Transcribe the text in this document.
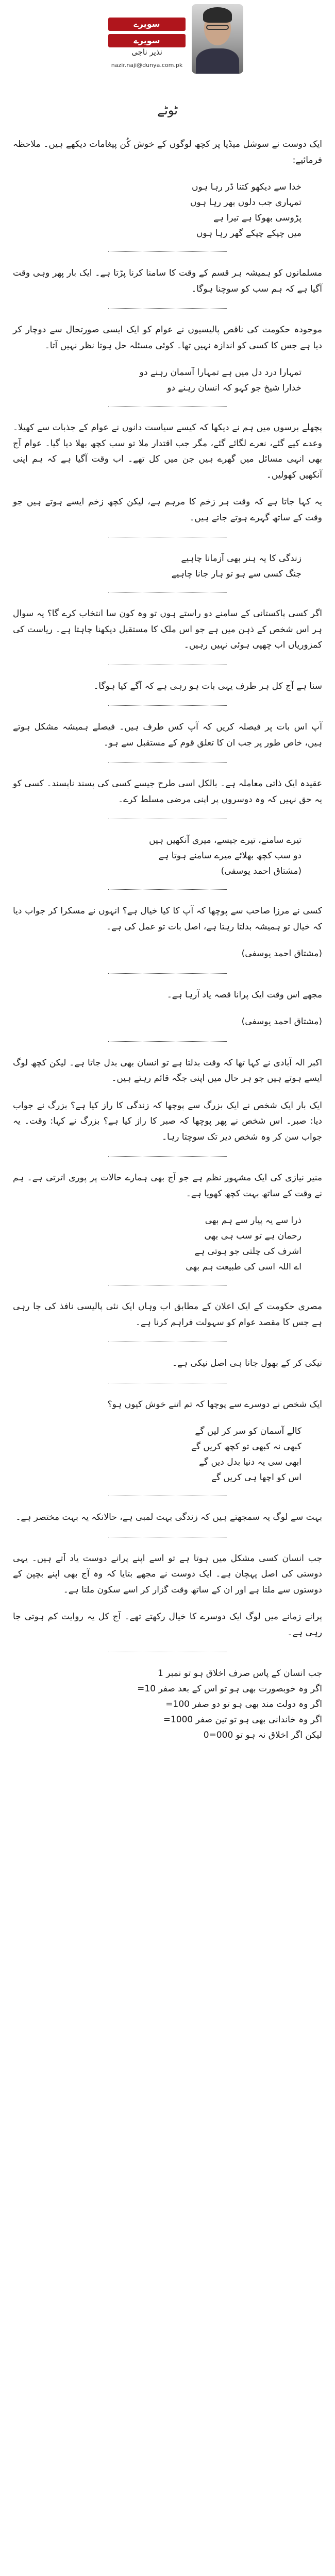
سویرے
سویرے
نذیر ناجی
nazir.naji@dunya.com.pk
ٹوٹے

ایک دوست نے سوشل میڈیا پر کچھ لوگوں کے خوش کُن پیغامات دیکھے ہیں۔ ملاحظہ فرمائیے:

خدا سے دیکھو کتنا ڈر رہا ہوں
تمہاری جب دلوں بھر رہا ہوں
پڑوسی بھوکا ہے تیرا ہے
میں چپکے چپکے گھر رہا ہوں

مسلمانوں کو ہمیشہ ہر قسم کے وقت کا سامنا کرنا پڑتا ہے۔ ایک بار پھر وہی وقت آگیا ہے کہ ہم سب کو سوچنا ہوگا۔

موجودہ حکومت کی ناقص پالیسیوں نے عوام کو ایک ایسی صورتحال سے دوچار کر دیا ہے جس کا کسی کو اندازہ نہیں تھا۔ کوئی مسئلہ حل ہوتا نظر نہیں آتا۔

تمہارا درد دل میں ہے تمہارا آسمان رہنے دو
خدارا شیخ جو کہو کہ انسان رہنے دو

پچھلے برسوں میں ہم نے دیکھا کہ کیسے سیاست دانوں نے عوام کے جذبات سے کھیلا۔ وعدے کیے گئے، نعرے لگائے گئے، مگر جب اقتدار ملا تو سب کچھ بھلا دیا گیا۔ عوام آج بھی انہی مسائل میں گھرے ہیں جن میں کل تھے۔ اب وقت آگیا ہے کہ ہم اپنی آنکھیں کھولیں۔

یہ کہا جاتا ہے کہ وقت ہر زخم کا مرہم ہے، لیکن کچھ زخم ایسے ہوتے ہیں جو وقت کے ساتھ گہرے ہوتے جاتے ہیں۔

زندگی کا یہ ہنر بھی آزمانا چاہیے
جنگ کسی سے ہو تو ہار جانا چاہیے

اگر کسی پاکستانی کے سامنے دو راستے ہوں تو وہ کون سا انتخاب کرے گا؟ یہ سوال ہر اس شخص کے ذہن میں ہے جو اس ملک کا مستقبل دیکھنا چاہتا ہے۔ ریاست کی کمزوریاں اب چھپی ہوئی نہیں رہیں۔

سنا ہے آج کل ہر طرف یہی بات ہو رہی ہے کہ آگے کیا ہوگا۔

آپ اس بات پر فیصلہ کریں کہ آپ کس طرف ہیں۔ فیصلے ہمیشہ مشکل ہوتے ہیں، خاص طور پر جب ان کا تعلق قوم کے مستقبل سے ہو۔

عقیدہ ایک ذاتی معاملہ ہے۔ بالکل اسی طرح جیسے کسی کی پسند ناپسند۔ کسی کو یہ حق نہیں کہ وہ دوسروں پر اپنی مرضی مسلط کرے۔

تیرے سامنے، تیرے جیسے، میری آنکھیں ہیں
دو سب کچھ بھلائے میرے سامنے ہوتا ہے
(مشتاق احمد یوسفی)

کسی نے مرزا صاحب سے پوچھا کہ آپ کا کیا خیال ہے؟ انہوں نے مسکرا کر جواب دیا کہ خیال تو ہمیشہ بدلتا رہتا ہے، اصل بات تو عمل کی ہے۔

(مشتاق احمد یوسفی)

مجھے اس وقت ایک پرانا قصہ یاد آرہا ہے۔

(مشتاق احمد یوسفی)

اکبر الہ آبادی نے کہا تھا کہ وقت بدلتا ہے تو انسان بھی بدل جاتا ہے۔ لیکن کچھ لوگ ایسے ہوتے ہیں جو ہر حال میں اپنی جگہ قائم رہتے ہیں۔

ایک بار ایک شخص نے ایک بزرگ سے پوچھا کہ زندگی کا راز کیا ہے؟ بزرگ نے جواب دیا: صبر۔ اس شخص نے پھر پوچھا کہ صبر کا راز کیا ہے؟ بزرگ نے کہا: وقت۔ یہ جواب سن کر وہ شخص دیر تک سوچتا رہا۔

منیر نیازی کی ایک مشہور نظم ہے جو آج بھی ہمارے حالات پر پوری اترتی ہے۔ ہم نے وقت کے ساتھ بہت کچھ کھویا ہے۔

ذرا سے یہ پیار سے ہم بھی
رحمان ہے تو سب ہی بھی
اشرف کی چلتی جو ہوتی ہے
اے اللہ اسی کی طبیعت ہم بھی

مصری حکومت کے ایک اعلان کے مطابق اب وہاں ایک نئی پالیسی نافذ کی جا رہی ہے جس کا مقصد عوام کو سہولت فراہم کرنا ہے۔

نیکی کر کے بھول جانا ہی اصل نیکی ہے۔

ایک شخص نے دوسرے سے پوچھا کہ تم اتنے خوش کیوں ہو؟

کالے آسمان کو سر کر لیں گے
کبھی نہ کبھی تو کچھ کریں گے
ابھی سی یہ دنیا بدل دیں گے
اس کو اچھا ہی کریں گے

بہت سے لوگ یہ سمجھتے ہیں کہ زندگی بہت لمبی ہے، حالانکہ یہ بہت مختصر ہے۔

جب انسان کسی مشکل میں ہوتا ہے تو اسے اپنے پرانے دوست یاد آتے ہیں۔ یہی دوستی کی اصل پہچان ہے۔ ایک دوست نے مجھے بتایا کہ وہ آج بھی اپنے بچپن کے دوستوں سے ملتا ہے اور ان کے ساتھ وقت گزار کر اسے سکون ملتا ہے۔

پرانے زمانے میں لوگ ایک دوسرے کا خیال رکھتے تھے۔ آج کل یہ روایت کم ہوتی جا رہی ہے۔

جب انسان کے پاس صرف اخلاق ہو تو نمبر 1
اگر وہ خوبصورت بھی ہو تو اس کے بعد صفر 10=
اگر وہ دولت مند بھی ہو تو دو صفر 100=
اگر وہ خاندانی بھی ہو تو تین صفر 1000=
لیکن اگر اخلاق نہ ہو تو 000=0
